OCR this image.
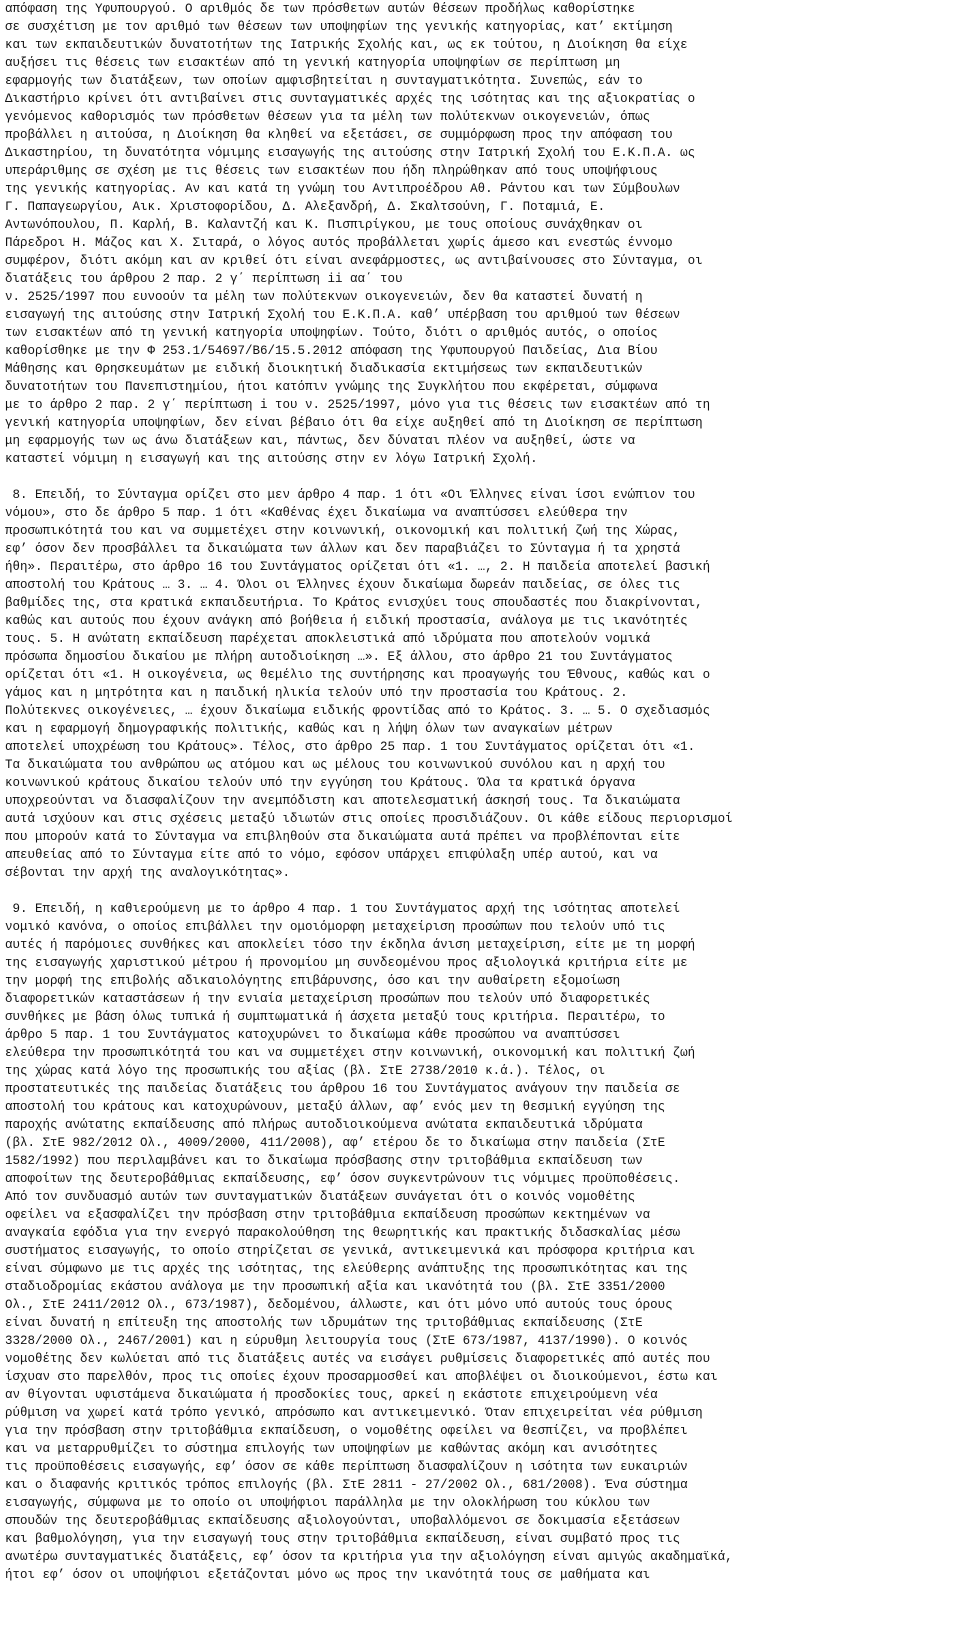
απόφαση της Υφυπουργού. Ο αριθμός δε των πρόσθετων αυτών θέσεων προδήλως καθορίστηκε
σε συσχέτιση με τον αριθμό των θέσεων των υποψηφίων της γενικής κατηγορίας, κατ’ εκτίμηση
και των εκπαιδευτικών δυνατοτήτων της Ιατρικής Σχολής και, ως εκ τούτου, η Διοίκηση θα είχε
αυξήσει τις θέσεις των εισακτέων από τη γενική κατηγορία υποψηφίων σε περίπτωση μη
εφαρμογής των διατάξεων, των οποίων αμφισβητείται η συνταγματικότητα. Συνεπώς, εάν το
Δικαστήριο κρίνει ότι αντιβαίνει στις συνταγματικές αρχές της ισότητας και της αξιοκρατίας ο
γενόμενος καθορισμός των πρόσθετων θέσεων για τα μέλη των πολύτεκνων οικογενειών, όπως
προβάλλει η αιτούσα, η Διοίκηση θα κληθεί να εξετάσει, σε συμμόρφωση προς την απόφαση του
Δικαστηρίου, τη δυνατότητα νόμιμης εισαγωγής της αιτούσης στην Ιατρική Σχολή του Ε.Κ.Π.Α. ως
υπεράριθμης σε σχέση με τις θέσεις των εισακτέων που ήδη πληρώθηκαν από τους υποψήφιους
της γενικής κατηγορίας. Αν και κατά τη γνώμη του Αντιπροέδρου Αθ. Ράντου και των Σύμβουλων
Γ. Παπαγεωργίου, Αικ. Χριστοφορίδου, Δ. Αλεξανδρή, Δ. Σκαλτσούνη, Γ. Ποταμιά, Ε.
Αντωνόπουλου, Π. Καρλή, Β. Καλαντζή και Κ. Πισπιρίγκου, με τους οποίους συνάχθηκαν οι
Πάρεδροι Η. Μάζος και Χ. Σιταρά, ο λόγος αυτός προβάλλεται χωρίς άμεσο και ενεστώς έννομο
συμφέρον, διότι ακόμη και αν κριθεί ότι είναι ανεφάρμοστες, ως αντιβαίνουσες στο Σύνταγμα, οι
διατάξεις του άρθρου 2 παρ. 2 γ΄ περίπτωση ii αα΄ του
ν. 2525/1997 που ευνοούν τα μέλη των πολύτεκνων οικογενειών, δεν θα καταστεί δυνατή η
εισαγωγή της αιτούσης στην Ιατρική Σχολή του Ε.Κ.Π.Α. καθ’ υπέρβαση του αριθμού των θέσεων
των εισακτέων από τη γενική κατηγορία υποψηφίων. Τούτο, διότι ο αριθμός αυτός, ο οποίος
καθορίσθηκε με την Φ 253.1/54697/Β6/15.5.2012 απόφαση της Υφυπουργού Παιδείας, Δια Βίου
Μάθησης και Θρησκευμάτων με ειδική διοικητική διαδικασία εκτιμήσεως των εκπαιδευτικών
δυνατοτήτων του Πανεπιστημίου, ήτοι κατόπιν γνώμης της Συγκλήτου που εκφέρεται, σύμφωνα
με το άρθρο 2 παρ. 2 γ΄ περίπτωση i του ν. 2525/1997, μόνο για τις θέσεις των εισακτέων από τη
γενική κατηγορία υποψηφίων, δεν είναι βέβαιο ότι θα είχε αυξηθεί από τη Διοίκηση σε περίπτωση
μη εφαρμογής των ως άνω διατάξεων και, πάντως, δεν δύναται πλέον να αυξηθεί, ώστε να
καταστεί νόμιμη η εισαγωγή και της αιτούσης στην εν λόγω Ιατρική Σχολή.
8. Επειδή, το Σύνταγμα ορίζει στο μεν άρθρο 4 παρ. 1 ότι «Οι Έλληνες είναι ίσοι ενώπιον του
νόμου», στο δε άρθρο 5 παρ. 1 ότι «Καθένας έχει δικαίωμα να αναπτύσσει ελεύθερα την
προσωπικότητά του και να συμμετέχει στην κοινωνική, οικονομική και πολιτική ζωή της Χώρας,
εφ’ όσον δεν προσβάλλει τα δικαιώματα των άλλων και δεν παραβιάζει το Σύνταγμα ή τα χρηστά
ήθη». Περαιτέρω, στο άρθρο 16 του Συντάγματος ορίζεται ότι «1. …, 2. Η παιδεία αποτελεί βασική
αποστολή του Κράτους … 3. … 4. Όλοι οι Έλληνες έχουν δικαίωμα δωρεάν παιδείας, σε όλες τις
βαθμίδες της, στα κρατικά εκπαιδευτήρια. Το Κράτος ενισχύει τους σπουδαστές που διακρίνονται,
καθώς και αυτούς που έχουν ανάγκη από βοήθεια ή ειδική προστασία, ανάλογα με τις ικανότητές
τους. 5. Η ανώτατη εκπαίδευση παρέχεται αποκλειστικά από ιδρύματα που αποτελούν νομικά
πρόσωπα δημοσίου δικαίου με πλήρη αυτοδιοίκηση …». Εξ άλλου, στο άρθρο 21 του Συντάγματος
ορίζεται ότι «1. Η οικογένεια, ως θεμέλιο της συντήρησης και προαγωγής του Έθνους, καθώς και ο
γάμος και η μητρότητα και η παιδική ηλικία τελούν υπό την προστασία του Κράτους. 2.
Πολύτεκνες οικογένειες, … έχουν δικαίωμα ειδικής φροντίδας από το Κράτος. 3. … 5. Ο σχεδιασμός
και η εφαρμογή δημογραφικής πολιτικής, καθώς και η λήψη όλων των αναγκαίων μέτρων
αποτελεί υποχρέωση του Κράτους». Τέλος, στο άρθρο 25 παρ. 1 του Συντάγματος ορίζεται ότι «1.
Τα δικαιώματα του ανθρώπου ως ατόμου και ως μέλους του κοινωνικού συνόλου και η αρχή του
κοινωνικού κράτους δικαίου τελούν υπό την εγγύηση του Κράτους. Όλα τα κρατικά όργανα
υποχρεούνται να διασφαλίζουν την ανεμπόδιστη και αποτελεσματική άσκησή τους. Τα δικαιώματα
αυτά ισχύουν και στις σχέσεις μεταξύ ιδιωτών στις οποίες προσιδιάζουν. Οι κάθε είδους περιορισμοί
που μπορούν κατά το Σύνταγμα να επιβληθούν στα δικαιώματα αυτά πρέπει να προβλέπονται είτε
απευθείας από το Σύνταγμα είτε από το νόμο, εφόσον υπάρχει επιφύλαξη υπέρ αυτού, και να
σέβονται την αρχή της αναλογικότητας».
9. Επειδή, η καθιερούμενη με το άρθρο 4 παρ. 1 του Συντάγματος αρχή της ισότητας αποτελεί
νομικό κανόνα, ο οποίος επιβάλλει την ομοιόμορφη μεταχείριση προσώπων που τελούν υπό τις
αυτές ή παρόμοιες συνθήκες και αποκλείει τόσο την έκδηλα άνιση μεταχείριση, είτε με τη μορφή
της εισαγωγής χαριστικού μέτρου ή προνομίου μη συνδεομένου προς αξιολογικά κριτήρια είτε με
την μορφή της επιβολής αδικαιολόγητης επιβάρυνσης, όσο και την αυθαίρετη εξομοίωση
διαφορετικών καταστάσεων ή την ενιαία μεταχείριση προσώπων που τελούν υπό διαφορετικές
συνθήκες με βάση όλως τυπικά ή συμπτωματικά ή άσχετα μεταξύ τους κριτήρια. Περαιτέρω, το
άρθρο 5 παρ. 1 του Συντάγματος κατοχυρώνει το δικαίωμα κάθε προσώπου να αναπτύσσει
ελεύθερα την προσωπικότητά του και να συμμετέχει στην κοινωνική, οικονομική και πολιτική ζωή
της χώρας κατά λόγο της προσωπικής του αξίας (βλ. ΣτΕ 2738/2010 κ.ά.). Τέλος, οι
προστατευτικές της παιδείας διατάξεις του άρθρου 16 του Συντάγματος ανάγουν την παιδεία σε
αποστολή του κράτους και κατοχυρώνουν, μεταξύ άλλων, αφ’ ενός μεν τη θεσμική εγγύηση της
παροχής ανώτατης εκπαίδευσης από πλήρως αυτοδιοικούμενα ανώτατα εκπαιδευτικά ιδρύματα
(βλ. ΣτΕ 982/2012 Ολ., 4009/2000, 411/2008), αφ’ ετέρου δε το δικαίωμα στην παιδεία (ΣτΕ
1582/1992) που περιλαμβάνει και το δικαίωμα πρόσβασης στην τριτοβάθμια εκπαίδευση των
αποφοίτων της δευτεροβάθμιας εκπαίδευσης, εφ’ όσον συγκεντρώνουν τις νόμιμες προϋποθέσεις.
Από τον συνδυασμό αυτών των συνταγματικών διατάξεων συνάγεται ότι ο κοινός νομοθέτης
οφείλει να εξασφαλίζει την πρόσβαση στην τριτοβάθμια εκπαίδευση προσώπων κεκτημένων να
αναγκαία εφόδια για την ενεργό παρακολούθηση της θεωρητικής και πρακτικής διδασκαλίας μέσω
συστήματος εισαγωγής, το οποίο στηρίζεται σε γενικά, αντικειμενικά και πρόσφορα κριτήρια και
είναι σύμφωνο με τις αρχές της ισότητας, της ελεύθερης ανάπτυξης της προσωπικότητας και της
σταδιοδρομίας εκάστου ανάλογα με την προσωπική αξία και ικανότητά του (βλ. ΣτΕ 3351/2000
Ολ., ΣτΕ 2411/2012 Ολ., 673/1987), δεδομένου, άλλωστε, και ότι μόνο υπό αυτούς τους όρους
είναι δυνατή η επίτευξη της αποστολής των ιδρυμάτων της τριτοβάθμιας εκπαίδευσης (ΣτΕ
3328/2000 Ολ., 2467/2001) και η εύρυθμη λειτουργία τους (ΣτΕ 673/1987, 4137/1990). Ο κοινός
νομοθέτης δεν κωλύεται από τις διατάξεις αυτές να εισάγει ρυθμίσεις διαφορετικές από αυτές που
ίσχυαν στο παρελθόν, προς τις οποίες έχουν προσαρμοσθεί και αποβλέψει οι διοικούμενοι, έστω και
αν θίγονται υφιστάμενα δικαιώματα ή προσδοκίες τους, αρκεί η εκάστοτε επιχειρούμενη νέα
ρύθμιση να χωρεί κατά τρόπο γενικό, απρόσωπο και αντικειμενικό. Όταν επιχειρείται νέα ρύθμιση
για την πρόσβαση στην τριτοβάθμια εκπαίδευση, ο νομοθέτης οφείλει να θεσπίζει, να προβλέπει
και να μεταρρυθμίζει το σύστημα επιλογής των υποψηφίων με καθώντας ακόμη και ανισότητες
τις προϋποθέσεις εισαγωγής, εφ’ όσον σε κάθε περίπτωση διασφαλίζουν η ισότητα των ευκαιριών
και ο διαφανής κριτικός τρόπος επιλογής (βλ. ΣτΕ 2811 - 27/2002 Ολ., 681/2008). Ένα σύστημα
εισαγωγής, σύμφωνα με το οποίο οι υποψήφιοι παράλληλα με την ολοκλήρωση του κύκλου των
σπουδών της δευτεροβάθμιας εκπαίδευσης αξιολογούνται, υποβαλλόμενοι σε δοκιμασία εξετάσεων
και βαθμολόγηση, για την εισαγωγή τους στην τριτοβάθμια εκπαίδευση, είναι συμβατό προς τις
ανωτέρω συνταγματικές διατάξεις, εφ’ όσον τα κριτήρια για την αξιολόγηση είναι αμιγώς ακαδημαϊκά,
ήτοι εφ’ όσον οι υποψήφιοι εξετάζονται μόνο ως προς την ικανότητά τους σε μαθήματα και
